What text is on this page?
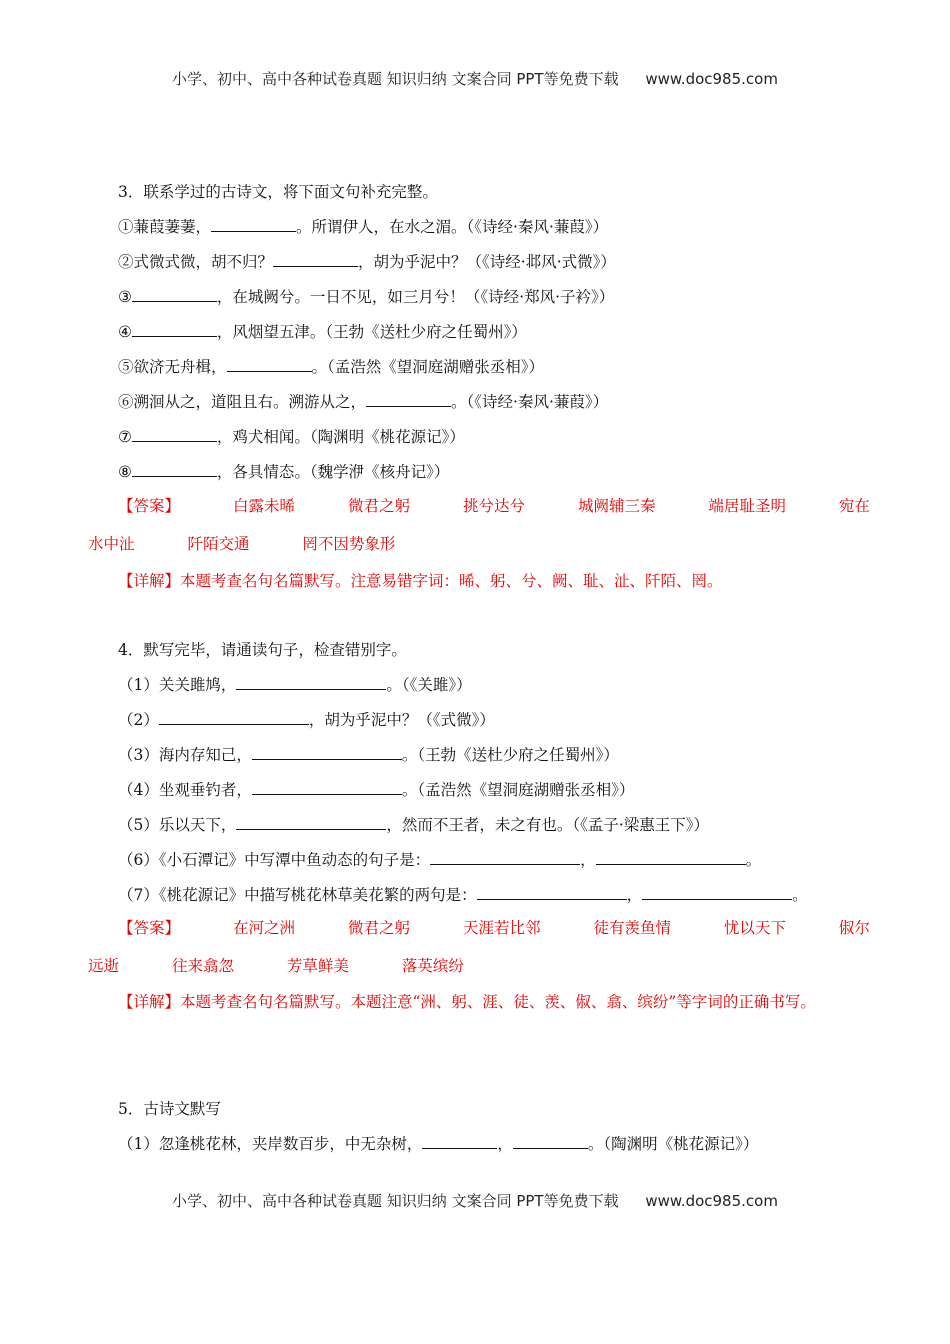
小学、初中、高中各种试卷真题 知识归纳 文案合同 PPT等免费下载 www.doc985.com
3．联系学过的古诗文，将下面文句补充完整。
①蒹葭萋萋，	。所谓伊人，在水之湄。（《诗经·秦风·蒹葭》）
②式微式微，胡不归？	，胡为乎泥中？（《诗经·邶风·式微》）
③	，在城阙兮。一日不见，如三月兮！（《诗经·郑风·子衿》）
④	，风烟望五津。（王勃《送杜少府之任蜀州》）
⑤欲济无舟楫，	。（孟浩然《望洞庭湖赠张丞相》）
⑥溯洄从之，道阻且右。溯游从之，	。（《诗经·秦风·蒹葭》）
⑦	，鸡犬相闻。（陶渊明《桃花源记》）
⑧	，各具情态。（魏学洢《核舟记》）
【答案】	白露未晞	微君之躬	挑兮达兮	城阙辅三秦	端居耻圣明	宛在水中沚	阡陌交通	罔不因势象形
【详解】本题考查名句名篇默写。注意易错字词：晞、躬、兮、阙、耻、沚、阡陌、罔。
4．默写完毕，请通读句子，检查错别字。
（1）关关雎鸠，	。（《关雎》）
（2）	，胡为乎泥中？（《式微》）
（3）海内存知己，	。（王勃《送杜少府之任蜀州》）
（4）坐观垂钓者，	。（孟浩然《望洞庭湖赠张丞相》）
（5）乐以天下，	，然而不王者，未之有也。（《孟子·梁惠王下》）
（6）《小石潭记》中写潭中鱼动态的句子是：	，	。
（7）《桃花源记》中描写桃花林草美花繁的两句是：	，	。
【答案】	在河之洲	微君之躬	天涯若比邻	徒有羡鱼情	忧以天下	俶尔远逝	往来翕忽	芳草鲜美	落英缤纷
【详解】本题考查名句名篇默写。本题注意“洲、躬、涯、徒、羡、俶、翕、缤纷”等字词的正确书写。
5．古诗文默写
（1）忽逢桃花林，夹岸数百步，中无杂树，	，	。（陶渊明《桃花源记》）
小学、初中、高中各种试卷真题 知识归纳 文案合同 PPT等免费下载 www.doc985.com
